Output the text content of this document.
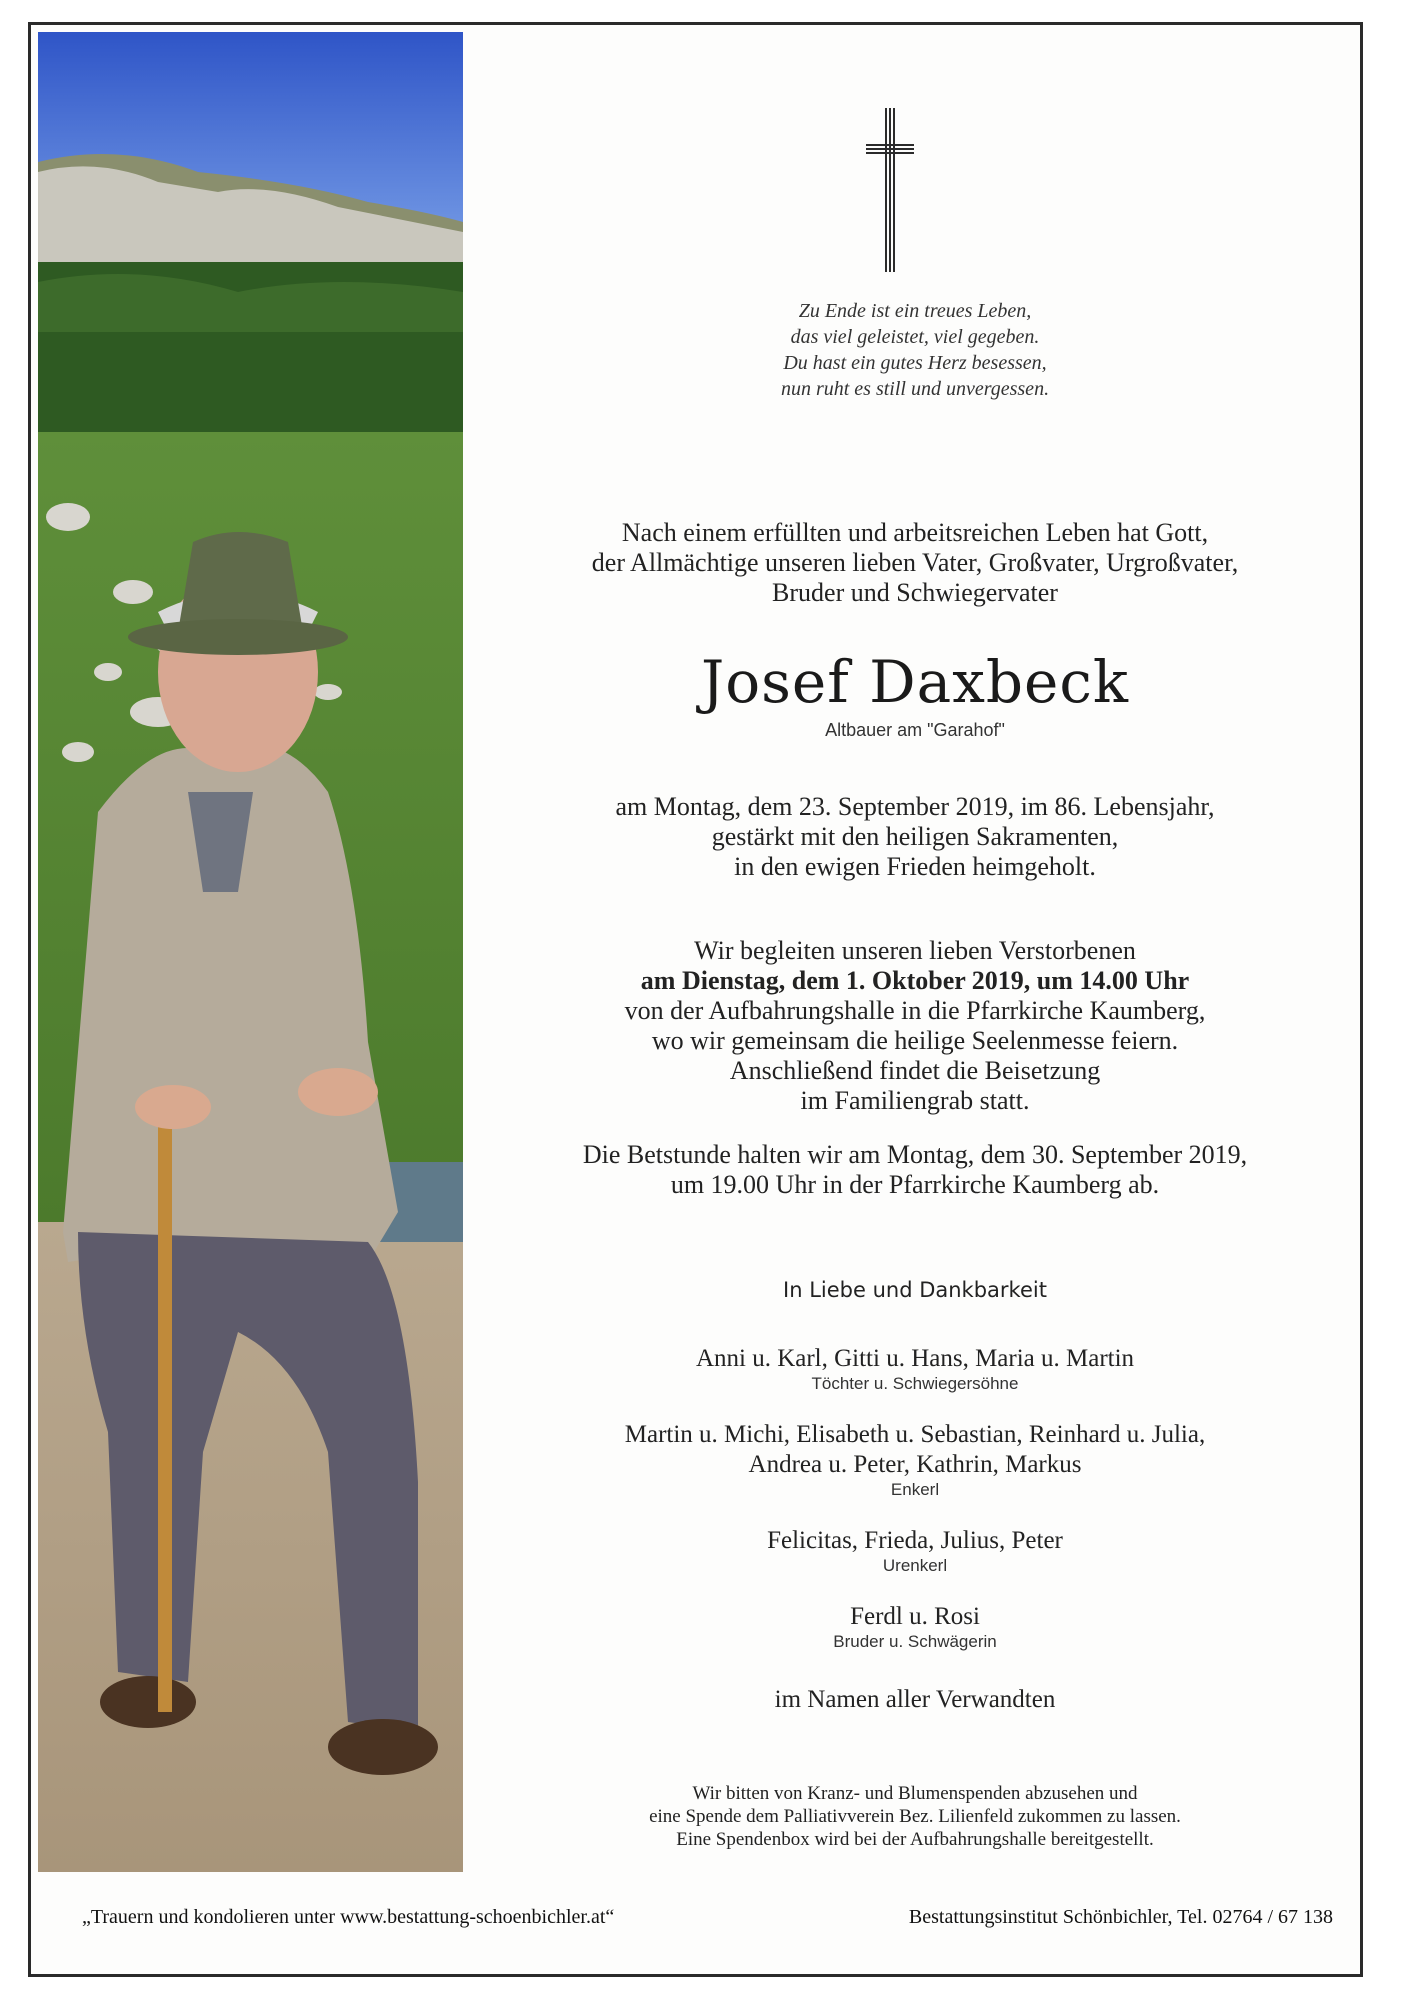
Zu Ende ist ein treues Leben,
das viel geleistet, viel gegeben.
Du hast ein gutes Herz besessen,
nun ruht es still und unvergessen.
Nach einem erfüllten und arbeitsreichen Leben hat Gott,
der Allmächtige unseren lieben Vater, Großvater, Urgroßvater,
Bruder und Schwiegervater
Josef Daxbeck
Altbauer am "Garahof"
am Montag, dem 23. September 2019, im 86. Lebensjahr,
gestärkt mit den heiligen Sakramenten,
in den ewigen Frieden heimgeholt.
Wir begleiten unseren lieben Verstorbenen
am Dienstag, dem 1. Oktober 2019, um 14.00 Uhr
von der Aufbahrungshalle in die Pfarrkirche Kaumberg,
wo wir gemeinsam die heilige Seelenmesse feiern.
Anschließend findet die Beisetzung
im Familiengrab statt.
Die Betstunde halten wir am Montag, dem 30. September 2019,
um 19.00 Uhr in der Pfarrkirche Kaumberg ab.
In Liebe und Dankbarkeit
Anni u. Karl, Gitti u. Hans, Maria u. Martin
Töchter u. Schwiegersöhne
Martin u. Michi, Elisabeth u. Sebastian, Reinhard u. Julia,
Andrea u. Peter, Kathrin, Markus
Enkerl
Felicitas, Frieda, Julius, Peter
Urenkerl
Ferdl u. Rosi
Bruder u. Schwägerin
im Namen aller Verwandten
Wir bitten von Kranz- und Blumenspenden abzusehen und
eine Spende dem Palliativverein Bez. Lilienfeld zukommen zu lassen.
Eine Spendenbox wird bei der Aufbahrungshalle bereitgestellt.
„Trauern und kondolieren unter www.bestattung-schoenbichler.at“	Bestattungsinstitut Schönbichler, Tel. 02764 / 67 138
